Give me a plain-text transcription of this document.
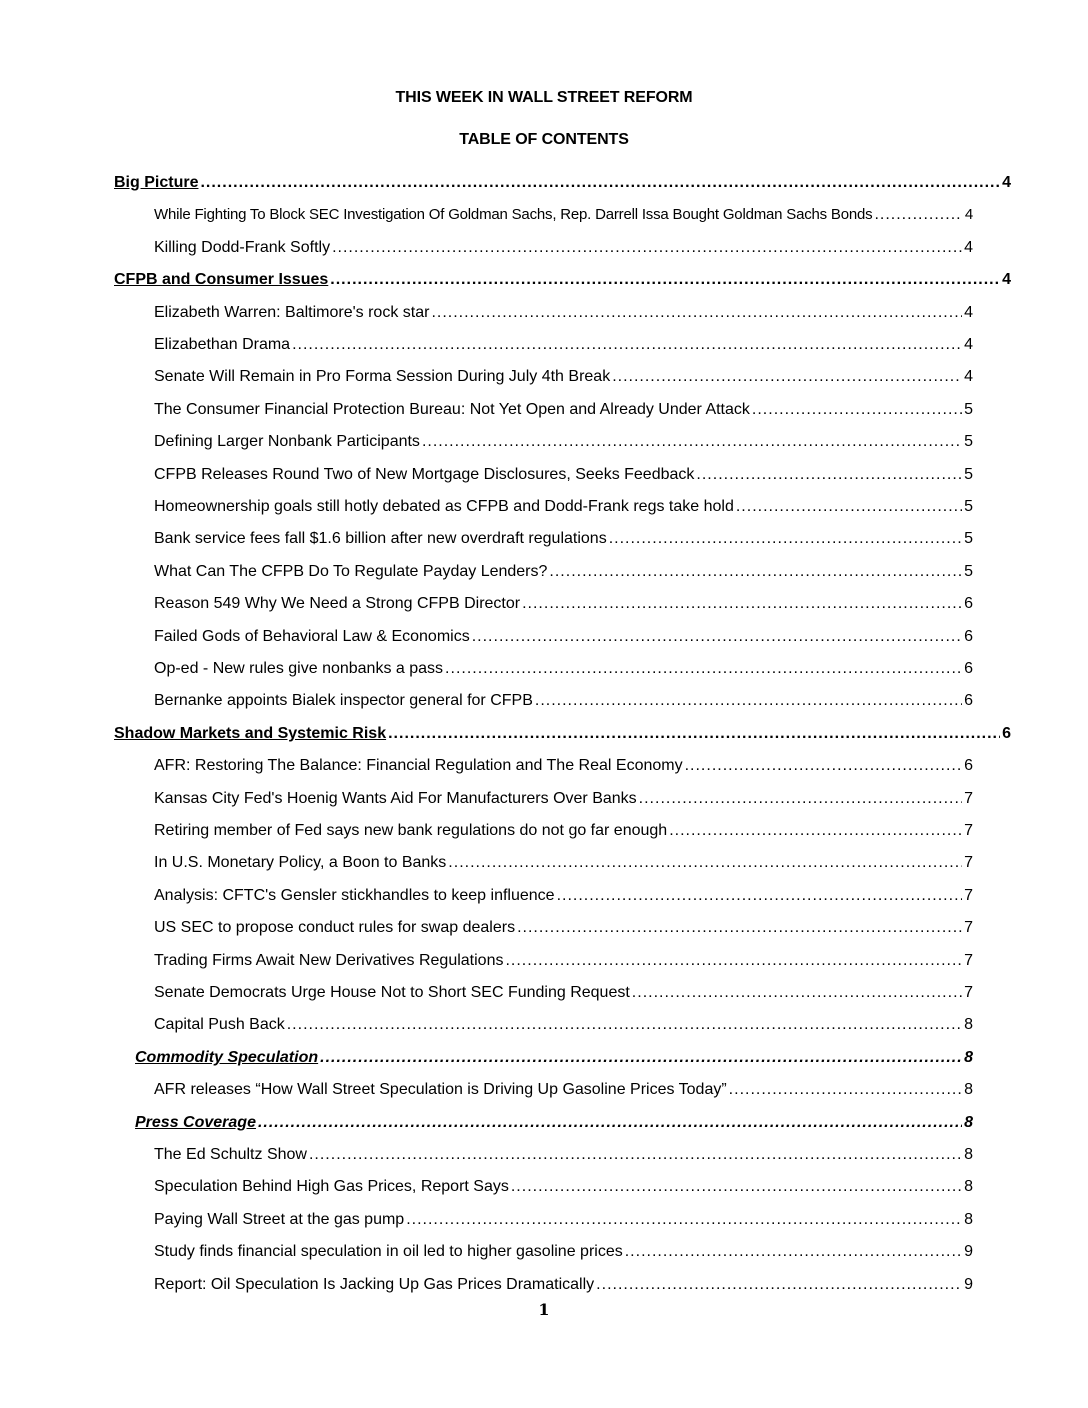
THIS WEEK IN WALL STREET REFORM
TABLE OF CONTENTS
Big Picture .....	4
While Fighting To Block SEC Investigation Of Goldman Sachs, Rep. Darrell Issa Bought Goldman Sachs Bonds .....	4
Killing Dodd-Frank Softly .....	4
CFPB and Consumer Issues .....	4
Elizabeth Warren: Baltimore's rock star .....	4
Elizabethan Drama .....	4
Senate Will Remain in Pro Forma Session During July 4th Break .....	4
The Consumer Financial Protection Bureau: Not Yet Open and Already Under Attack .....	5
Defining Larger Nonbank Participants .....	5
CFPB Releases Round Two of New Mortgage Disclosures, Seeks Feedback .....	5
Homeownership goals still hotly debated as CFPB and Dodd-Frank regs take hold .....	5
Bank service fees fall $1.6 billion after new overdraft regulations .....	5
What Can The CFPB Do To Regulate Payday Lenders? .....	5
Reason 549 Why We Need a Strong CFPB Director .....	6
Failed Gods of Behavioral Law & Economics .....	6
Op-ed - New rules give nonbanks a pass .....	6
Bernanke appoints Bialek inspector general for CFPB .....	6
Shadow Markets and Systemic Risk .....	6
AFR: Restoring The Balance: Financial Regulation and The Real Economy .....	6
Kansas City Fed's Hoenig Wants Aid For Manufacturers Over Banks .....	7
Retiring member of Fed says new bank regulations do not go far enough .....	7
In U.S. Monetary Policy, a Boon to Banks .....	7
Analysis: CFTC's Gensler stickhandles to keep influence .....	7
US SEC to propose conduct rules for swap dealers .....	7
Trading Firms Await New Derivatives Regulations .....	7
Senate Democrats Urge House Not to Short SEC Funding Request .....	7
Capital Push Back .....	8
Commodity Speculation .....	8
AFR releases “How Wall Street Speculation is Driving Up Gasoline Prices Today” .....	8
Press Coverage .....	8
The Ed Schultz Show .....	8
Speculation Behind High Gas Prices, Report Says .....	8
Paying Wall Street at the gas pump .....	8
Study finds financial speculation in oil led to higher gasoline prices .....	9
Report: Oil Speculation Is Jacking Up Gas Prices Dramatically .....	9
1
